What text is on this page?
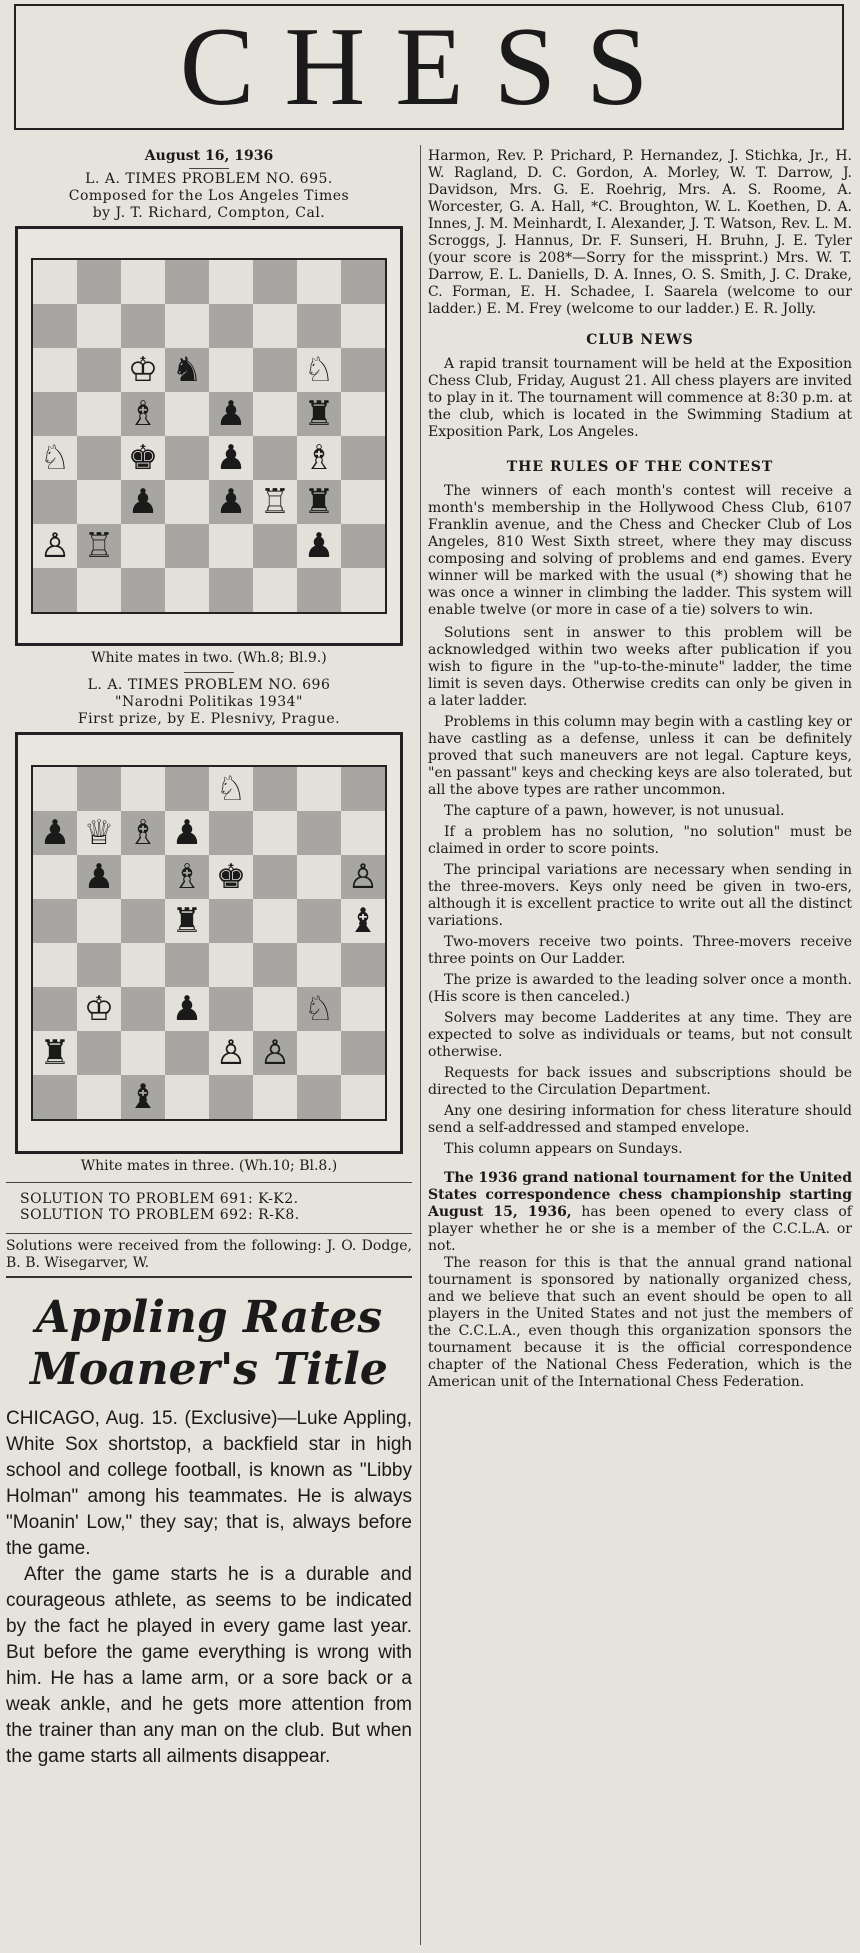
CHESS
August 16, 1936
L. A. TIMES PROBLEM NO. 695.
Composed for the Los Angeles Times
by J. T. Richard, Compton, Cal.
♔ ♞	♘
♗ ♟ ♜
♘ ♚ ♟ ♗
♟ ♟ ♖ ♜
♙ ♖	♟
White mates in two. (Wh.8; Bl.9.)
L. A. TIMES PROBLEM NO. 696
"Narodni Politikas 1934"
First prize, by E. Plesnivy, Prague.
♘
♟ ♕ ♗ ♟
♟ ♗ ♚	♙
♜	♝
♔ ♟	♘
♜	♙ ♙
♝
White mates in three. (Wh.10; Bl.8.)
SOLUTION TO PROBLEM 691: K-K2.
SOLUTION TO PROBLEM 692: R-K8.
Solutions were received from the following: J. O. Dodge, B. B. Wisegarver, W.
Appling Rates
Moaner's Title

CHICAGO, Aug. 15. (Exclusive)—Luke Appling, White Sox shortstop, a backfield star in high school and college football, is known as "Libby Holman" among his teammates. He is always "Moanin' Low," they say; that is, always before the game.

After the game starts he is a durable and courageous athlete, as seems to be indicated by the fact he played in every game last year. But before the game everything is wrong with him. He has a lame arm, or a sore back or a weak ankle, and he gets more attention from the trainer than any man on the club. But when the game starts all ailments disappear.

Harmon, Rev. P. Prichard, P. Hernandez, J. Stichka, Jr., H. W. Ragland, D. C. Gordon, A. Morley, W. T. Darrow, J. Davidson, Mrs. G. E. Roehrig, Mrs. A. S. Roome, A. Worcester, G. A. Hall, *C. Broughton, W. L. Koethen, D. A. Innes, J. M. Meinhardt, I. Alexander, J. T. Watson, Rev. L. M. Scroggs, J. Hannus, Dr. F. Sunseri, H. Bruhn, J. E. Tyler (your score is 208*—Sorry for the missprint.) Mrs. W. T. Darrow, E. L. Daniells, D. A. Innes, O. S. Smith, J. C. Drake, C. Forman, E. H. Schadee, I. Saarela (welcome to our ladder.) E. M. Frey (welcome to our ladder.) E. R. Jolly.

CLUB NEWS

A rapid transit tournament will be held at the Exposition Chess Club, Friday, August 21. All chess players are invited to play in it. The tournament will commence at 8:30 p.m. at the club, which is located in the Swimming Stadium at Exposition Park, Los Angeles.

THE RULES OF THE CONTEST

The winners of each month's contest will receive a month's membership in the Hollywood Chess Club, 6107 Franklin avenue, and the Chess and Checker Club of Los Angeles, 810 West Sixth street, where they may discuss composing and solving of problems and end games. Every winner will be marked with the usual (*) showing that he was once a winner in climbing the ladder. This system will enable twelve (or more in case of a tie) solvers to win.

Solutions sent in answer to this problem will be acknowledged within two weeks after publication if you wish to figure in the "up-to-the-minute" ladder, the time limit is seven days. Otherwise credits can only be given in a later ladder.

Problems in this column may begin with a castling key or have castling as a defense, unless it can be definitely proved that such maneuvers are not legal. Capture keys, "en passant" keys and checking keys are also tolerated, but all the above types are rather uncommon.

The capture of a pawn, however, is not unusual.

If a problem has no solution, "no solution" must be claimed in order to score points.

The principal variations are necessary when sending in the three-movers. Keys only need be given in two-ers, although it is excellent practice to write out all the distinct variations.

Two-movers receive two points. Three-movers receive three points on Our Ladder.

The prize is awarded to the leading solver once a month. (His score is then canceled.)

Solvers may become Ladderites at any time. They are expected to solve as individuals or teams, but not consult otherwise.

Requests for back issues and subscriptions should be directed to the Circulation Department.

Any one desiring information for chess literature should send a self-addressed and stamped envelope.

This column appears on Sundays.

The 1936 grand national tournament for the United States correspondence chess championship starting August 15, 1936, has been opened to every class of player whether he or she is a member of the C.C.L.A. or not.

The reason for this is that the annual grand national tournament is sponsored by nationally organized chess, and we believe that such an event should be open to all players in the United States and not just the members of the C.C.L.A., even though this organization sponsors the tournament because it is the official correspondence chapter of the National Chess Federation, which is the American unit of the International Chess Federation.
